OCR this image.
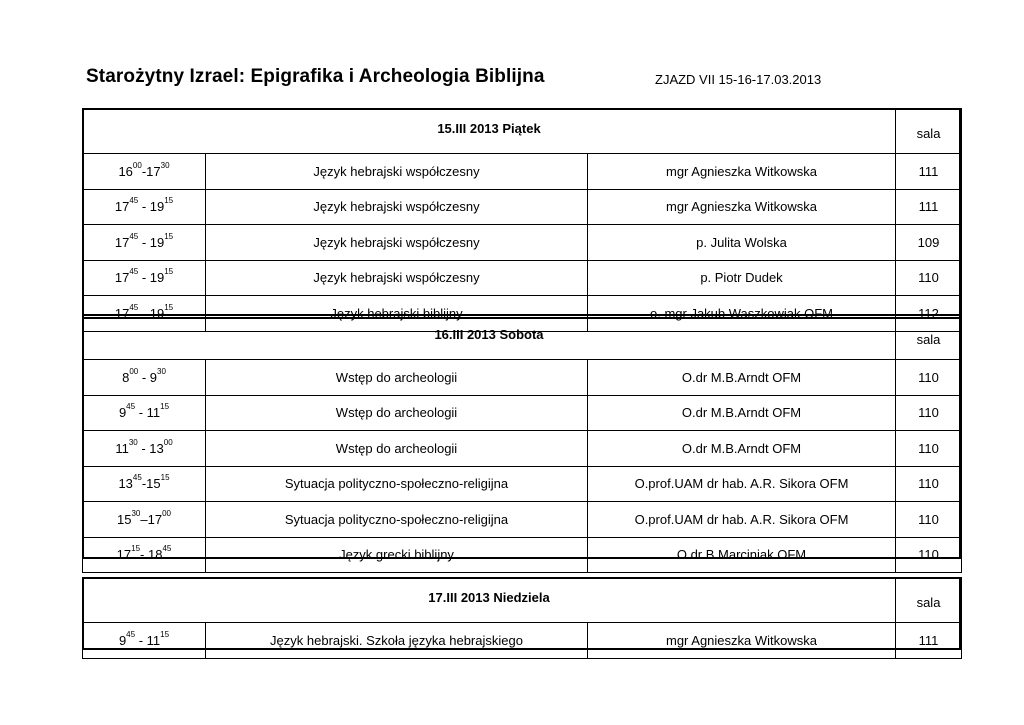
Starożytny Izrael: Epigrafika i Archeologia Biblijna	ZJAZD VII 15-16-17.03.2013
15.III 2013 Piątek			sala
$16^{00}-17^{30}$	Język hebrajski współczesny	mgr Agnieszka Witkowska	111
$17^{45} - 19^{15}$	Język hebrajski współczesny	mgr Agnieszka Witkowska	111
$17^{45} - 19^{15}$	Język hebrajski współczesny	p. Julita Wolska	109
$17^{45} - 19^{15}$	Język hebrajski współczesny	p. Piotr Dudek	110
$17^{45} - 19^{15}$	Język hebrajski biblijny	o. mgr Jakub Waszkowiak OFM	112
16.III 2013 Sobota			sala
$8^{00} - 9^{30}$	Wstęp do archeologii	O.dr M.B.Arndt OFM	110
$9^{45} - 11^{15}$	Wstęp do archeologii	O.dr M.B.Arndt OFM	110
$11^{30} - 13^{00}$	Wstęp do archeologii	O.dr M.B.Arndt OFM	110
$13^{45}-15^{15}$	Sytuacja polityczno-społeczno-religijna	O.prof.UAM dr hab. A.R. Sikora OFM	110
$15^{30}-17^{00}$	Sytuacja polityczno-społeczno-religijna	O.prof.UAM dr hab. A.R. Sikora OFM	110
$17^{15}-$ $18^{45}$	Język grecki biblijny	O.dr B Marciniak OFM	110
17.III 2013 Niedziela			sala
$9^{45} - 11^{15}$	Język hebrajski. Szkoła języka hebrajskiego	mgr Agnieszka Witkowska	111
